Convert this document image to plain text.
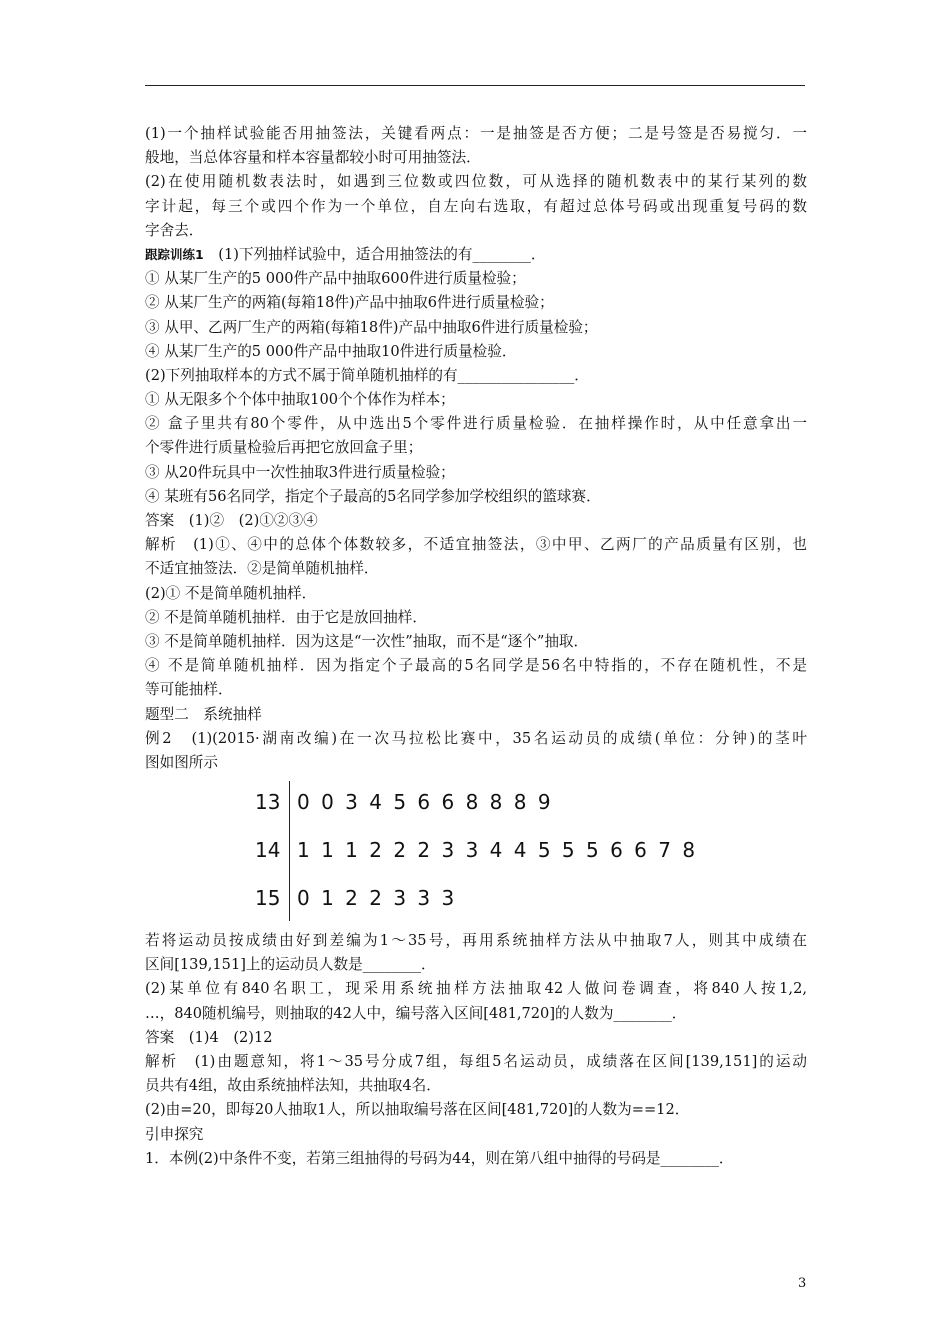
(1)一个抽样试验能否用抽签法，关键看两点：一是抽签是否方便；二是号签是否易搅匀．一
般地，当总体容量和样本容量都较小时可用抽签法．
(2)在使用随机数表法时，如遇到三位数或四位数，可从选择的随机数表中的某行某列的数
字计起，每三个或四个作为一个单位，自左向右选取，有超过总体号码或出现重复号码的数
字舍去．
跟踪训练1　(1)下列抽样试验中，适合用抽签法的有________．
① 从某厂生产的5 000件产品中抽取600件进行质量检验；
② 从某厂生产的两箱(每箱18件)产品中抽取6件进行质量检验；
③ 从甲、乙两厂生产的两箱(每箱18件)产品中抽取6件进行质量检验；
④ 从某厂生产的5 000件产品中抽取10件进行质量检验．
(2)下列抽取样本的方式不属于简单随机抽样的有________________．
① 从无限多个个体中抽取100个个体作为样本；
② 盒子里共有80个零件，从中选出5个零件进行质量检验．在抽样操作时，从中任意拿出一
个零件进行质量检验后再把它放回盒子里；
③ 从20件玩具中一次性抽取3件进行质量检验；
④ 某班有56名同学，指定个子最高的5名同学参加学校组织的篮球赛．
答案　(1)②　(2)①②③④
解析　(1)①、④中的总体个体数较多，不适宜抽签法，③中甲、乙两厂的产品质量有区别，也
不适宜抽签法．②是简单随机抽样．
(2)① 不是简单随机抽样．
② 不是简单随机抽样．由于它是放回抽样．
③ 不是简单随机抽样．因为这是“一次性”抽取，而不是“逐个”抽取．
④ 不是简单随机抽样．因为指定个子最高的5名同学是56名中特指的，不存在随机性，不是
等可能抽样．
题型二　系统抽样
例2　(1)(2015·湖南改编)在一次马拉松比赛中，35名运动员的成绩(单位：分钟)的茎叶
图如图所示
13 0 0 3 4 5 6 6 8 8 8 9
14 1 1 1 2 2 2 3 3 4 4 5 5 5 6 6 7 8
15 0 1 2 2 3 3 3
若将运动员按成绩由好到差编为1～35号，再用系统抽样方法从中抽取7人，则其中成绩在
区间[139,151]上的运动员人数是________．
(2)某单位有840名职工，现采用系统抽样方法抽取42人做问卷调查，将840人按1,2,
…，840随机编号，则抽取的42人中，编号落入区间[481,720]的人数为________．
答案　(1)4　(2)12
解析　(1)由题意知，将1～35号分成7组，每组5名运动员，成绩落在区间[139,151]的运动
员共有4组，故由系统抽样法知，共抽取4名．
(2)由=20，即每20人抽取1人，所以抽取编号落在区间[481,720]的人数为==12．
引申探究
1．本例(2)中条件不变，若第三组抽得的号码为44，则在第八组中抽得的号码是________．
3
